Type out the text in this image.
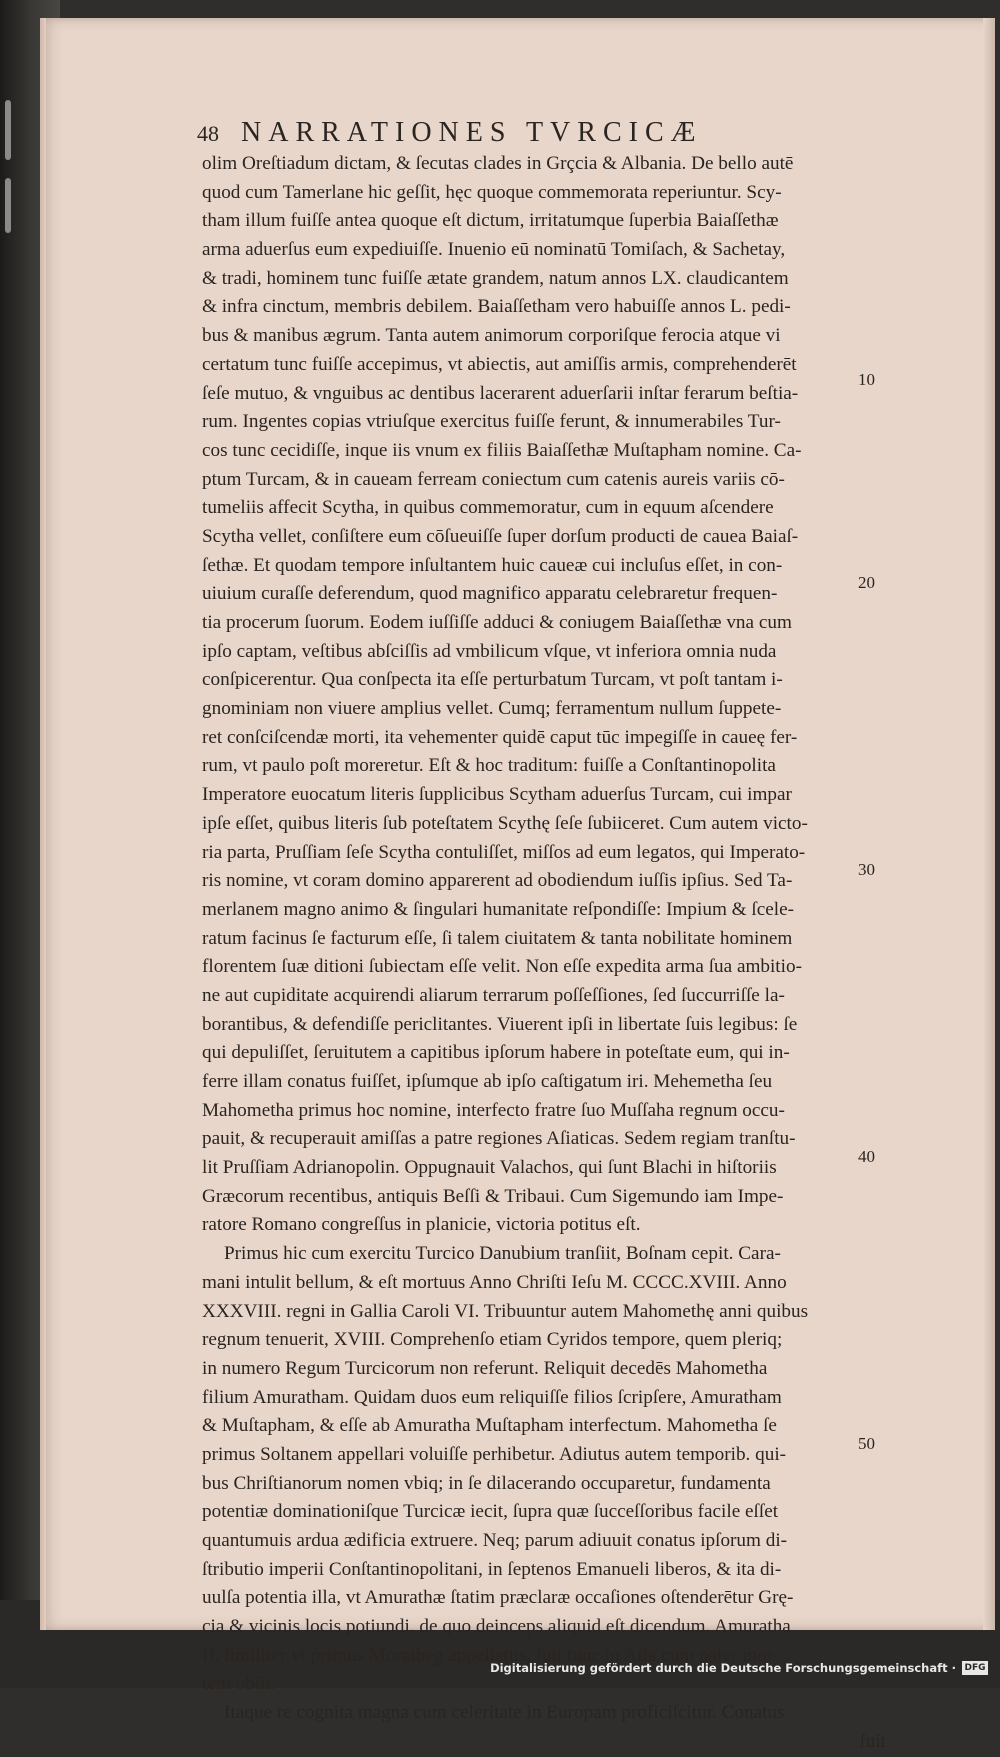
48 NARRATIONES TVRCICÆ
olim Oreſtiadum dictam, & ſecutas clades in Grçcia & Albania. De bello autē
quod cum Tamerlane hic geſſit, hęc quoque commemorata reperiuntur. Scy-
tham illum fuiſſe antea quoque eſt dictum, irritatumque ſuperbia Baiaſſethæ
arma aduerſus eum expediuiſſe. Inuenio eū nominatū Tomiſach, & Sachetay,
& tradi, hominem tunc fuiſſe ætate grandem, natum annos LX. claudicantem
& infra cinctum, membris debilem. Baiaſſetham vero habuiſſe annos L. pedi-
bus & manibus ægrum. Tanta autem animorum corporiſque ferocia atque vi
certatum tunc fuiſſe accepimus, vt abiectis, aut amiſſis armis, comprehenderēt
ſeſe mutuo, & vnguibus ac dentibus lacerarent aduerſarii inſtar ferarum beſtia-
rum. Ingentes copias vtriuſque exercitus fuiſſe ferunt, & innumerabiles Tur-
cos tunc cecidiſſe, inque iis vnum ex filiis Baiaſſethæ Muſtapham nomine. Ca-
ptum Turcam, & in caueam ferream coniectum cum catenis aureis variis cō-
tumeliis affecit Scytha, in quibus commemoratur, cum in equum aſcendere
Scytha vellet, conſiſtere eum cōſueuiſſe ſuper dorſum producti de cauea Baiaſ-
ſethæ. Et quodam tempore inſultantem huic caueæ cui incluſus eſſet, in con-
uiuium curaſſe deferendum, quod magnifico apparatu celebraretur frequen-
tia procerum ſuorum. Eodem iuſſiſſe adduci & coniugem Baiaſſethæ vna cum
ipſo captam, veſtibus abſciſſis ad vmbilicum vſque, vt inferiora omnia nuda
conſpicerentur. Qua conſpecta ita eſſe perturbatum Turcam, vt poſt tantam i-
gnominiam non viuere amplius vellet. Cumq; ferramentum nullum ſuppete-
ret conſciſcendæ morti, ita vehementer quidē caput tūc impegiſſe in caueę fer-
rum, vt paulo poſt moreretur. Eſt & hoc traditum: fuiſſe a Conſtantinopolita
Imperatore euocatum literis ſupplicibus Scytham aduerſus Turcam, cui impar
ipſe eſſet, quibus literis ſub poteſtatem Scythę ſeſe ſubiiceret. Cum autem victo-
ria parta, Pruſſiam ſeſe Scytha contuliſſet, miſſos ad eum legatos, qui Imperato-
ris nomine, vt coram domino apparerent ad obodiendum iuſſis ipſius. Sed Ta-
merlanem magno animo & ſingulari humanitate reſpondiſſe: Impium & ſcele-
ratum facinus ſe facturum eſſe, ſi talem ciuitatem & tanta nobilitate hominem
florentem ſuæ ditioni ſubiectam eſſe velit. Non eſſe expedita arma ſua ambitio-
ne aut cupiditate acquirendi aliarum terrarum poſſeſſiones, ſed ſuccurriſſe la-
borantibus, & defendiſſe periclitantes. Viuerent ipſi in libertate ſuis legibus: ſe
qui depuliſſet, ſeruitutem a capitibus ipſorum habere in poteſtate eum, qui in-
ferre illam conatus fuiſſet, ipſumque ab ipſo caſtigatum iri. Mehemetha ſeu
Mahometha primus hoc nomine, interfecto fratre ſuo Muſſaha regnum occu-
pauit, & recuperauit amiſſas a patre regiones Aſiaticas. Sedem regiam tranſtu-
lit Pruſſiam Adrianopolin. Oppugnauit Valachos, qui ſunt Blachi in hiſtoriis
Græcorum recentibus, antiquis Beſſi & Tribaui. Cum Sigemundo iam Impe-
ratore Romano congreſſus in planicie, victoria potitus eſt.
Primus hic cum exercitu Turcico Danubium tranſiit, Boſnam cepit. Cara-
mani intulit bellum, & eſt mortuus Anno Chriſti Ieſu M. CCCC.XVIII. Anno
XXXVIII. regni in Gallia Caroli VI. Tribuuntur autem Mahomethę anni quibus
regnum tenuerit, XVIII. Comprehenſo etiam Cyridos tempore, quem pleriq;
in numero Regum Turcicorum non referunt. Reliquit decedēs Mahometha
filium Amuratham. Quidam duos eum reliquiſſe filios ſcripſere, Amuratham
& Muſtapham, & eſſe ab Amuratha Muſtapham interfectum. Mahometha ſe
primus Soltanem appellari voluiſſe perhibetur. Adiutus autem temporib. qui-
bus Chriſtianorum nomen vbiq; in ſe dilacerando occuparetur, fundamenta
potentiæ dominationiſque Turcicæ iecit, ſupra quæ ſucceſſoribus facile eſſet
quantumuis ardua ædificia extruere. Neq; parum adiuuit conatus ipſorum di-
ſtributio imperii Conſtantinopolitani, in ſeptenos Emanueli liberos, & ita di-
uulſa potentia illa, vt Amurathæ ſtatim præclaræ occaſiones oſtenderētur Grę-
cia & vicinis locis potiundi. de quo deinceps aliquid eſt dicendum. Amuratha
II. ſimiliter vt primus Moratbeg appellatus, fuit tunc in Aſia cum pater mor-
tem obiit.
Itaque re cognita magna cum celeritate in Europam proficiſcitur. Conatus
fuit
10
20
30
40
50
Digitalisierung gefördert durch die Deutsche Forschungsgemeinschaft · DFG
